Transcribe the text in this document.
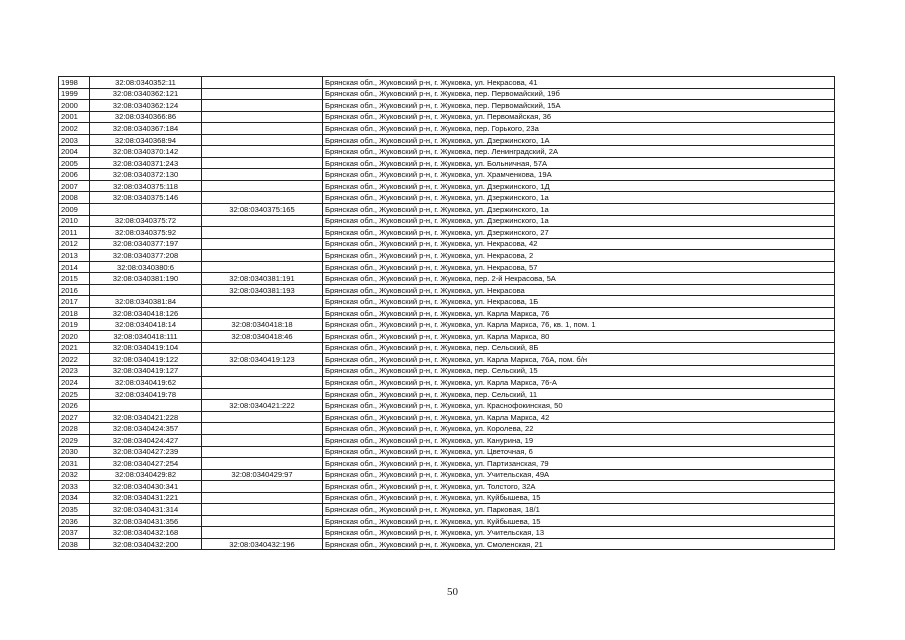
1998	32:08:0340352:11		Брянская обл., Жуковский р-н, г. Жуковка, ул. Некрасова, 41
1999	32:08:0340362:121		Брянская обл., Жуковский р-н, г. Жуковка, пер. Первомайский, 19б
2000	32:08:0340362:124		Брянская обл., Жуковский р-н, г. Жуковка, пер. Первомайский, 15А
2001	32:08:0340366:86		Брянская обл., Жуковский р-н, г. Жуковка, ул. Первомайская, 36
2002	32:08:0340367:184		Брянская обл., Жуковский р-н, г. Жуковка, пер. Горького, 23а
2003	32:08:0340368:94		Брянская обл., Жуковский р-н, г. Жуковка, ул. Дзержинского, 1А
2004	32:08:0340370:142		Брянская обл., Жуковский р-н, г. Жуковка, пер. Ленинградский, 2А
2005	32:08:0340371:243		Брянская обл., Жуковский р-н, г. Жуковка, ул. Больничная, 57А
2006	32:08:0340372:130		Брянская обл., Жуковский р-н, г. Жуковка, ул. Храмченкова, 19А
2007	32:08:0340375:118		Брянская обл., Жуковский р-н, г. Жуковка, ул. Дзержинского, 1Д
2008	32:08:0340375:146		Брянская обл., Жуковский р-н, г. Жуковка, ул. Дзержинского, 1а
2009		32:08:0340375:165	Брянская обл., Жуковский р-н, г. Жуковка, ул. Дзержинского, 1а
2010	32:08:0340375:72		Брянская обл., Жуковский р-н, г. Жуковка, ул. Дзержинского, 1а
2011	32:08:0340375:92		Брянская обл., Жуковский р-н, г. Жуковка, ул. Дзержинского, 27
2012	32:08:0340377:197		Брянская обл., Жуковский р-н, г. Жуковка, ул. Некрасова, 42
2013	32:08:0340377:208		Брянская обл., Жуковский р-н, г. Жуковка, ул. Некрасова, 2
2014	32:08:0340380:6		Брянская обл., Жуковский р-н, г. Жуковка, ул. Некрасова, 57
2015	32:08:0340381:190	32:08:0340381:191	Брянская обл., Жуковский р-н, г. Жуковка, пер. 2-й Некрасова, 5А
2016		32:08:0340381:193	Брянская обл., Жуковский р-н, г. Жуковка, ул. Некрасова
2017	32:08:0340381:84		Брянская обл., Жуковский р-н, г. Жуковка, ул. Некрасова, 1Б
2018	32:08:0340418:126		Брянская обл., Жуковский р-н, г. Жуковка, ул. Карла Маркса, 76
2019	32:08:0340418:14	32:08:0340418:18	Брянская обл., Жуковский р-н, г. Жуковка, ул. Карла Маркса, 76, кв. 1, пом. 1
2020	32:08:0340418:111	32:08:0340418:46	Брянская обл., Жуковский р-н, г. Жуковка, ул. Карла Маркса, 80
2021	32:08:0340419:104		Брянская обл., Жуковский р-н, г. Жуковка, пер. Сельский, 8Б
2022	32:08:0340419:122	32:08:0340419:123	Брянская обл., Жуковский р-н, г. Жуковка, ул. Карла Маркса, 76А, пом. б/н
2023	32:08:0340419:127		Брянская обл., Жуковский р-н, г. Жуковка, пер. Сельский, 15
2024	32:08:0340419:62		Брянская обл., Жуковский р-н, г. Жуковка, ул. Карла Маркса, 76-А
2025	32:08:0340419:78		Брянская обл., Жуковский р-н, г. Жуковка, пер. Сельский, 11
2026		32:08:0340421:222	Брянская обл., Жуковский р-н, г. Жуковка, ул. Краснофокинская, 50
2027	32:08:0340421:228		Брянская обл., Жуковский р-н, г. Жуковка, ул. Карла Маркса, 42
2028	32:08:0340424:357		Брянская обл., Жуковский р-н, г. Жуковка, ул. Королева, 22
2029	32:08:0340424:427		Брянская обл., Жуковский р-н, г. Жуковка, ул. Канурина, 19
2030	32:08:0340427:239		Брянская обл., Жуковский р-н, г. Жуковка, ул. Цветочная, 6
2031	32:08:0340427:254		Брянская обл., Жуковский р-н, г. Жуковка, ул. Партизанская, 79
2032	32:08:0340429:82	32:08:0340429:97	Брянская обл., Жуковский р-н, г. Жуковка, ул. Учительская, 49А
2033	32:08:0340430:341		Брянская обл., Жуковский р-н, г. Жуковка, ул. Толстого, 32А
2034	32:08:0340431:221		Брянская обл., Жуковский р-н, г. Жуковка, ул. Куйбышева, 15
2035	32:08:0340431:314		Брянская обл., Жуковский р-н, г. Жуковка, ул. Парковая, 18/1
2036	32:08:0340431:356		Брянская обл., Жуковский р-н, г. Жуковка, ул. Куйбышева, 15
2037	32:08:0340432:168		Брянская обл., Жуковский р-н, г. Жуковка, ул. Учительская, 13
2038	32:08:0340432:200	32:08:0340432:196	Брянская обл., Жуковский р-н, г. Жуковка, ул. Смоленская, 21
50
